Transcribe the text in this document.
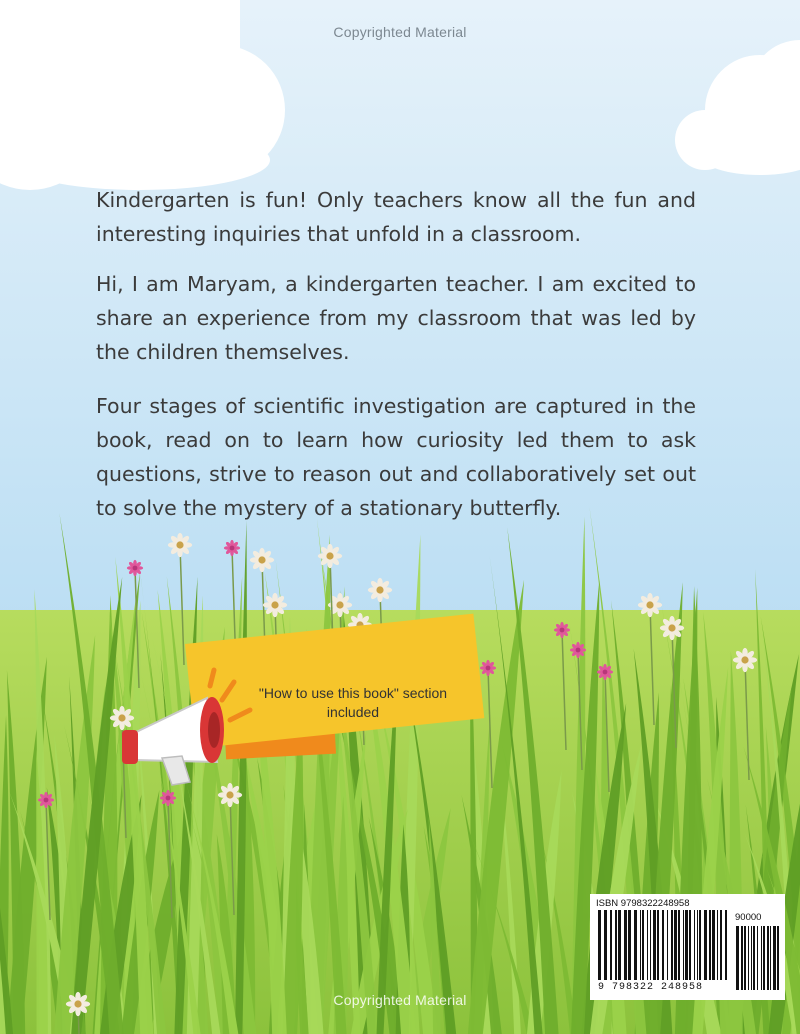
Copyrighted Material

Kindergarten is fun! Only teachers know all the fun and interesting inquiries that unfold in a classroom.

Hi, I am Maryam, a kindergarten teacher. I am excited to share an experience from my classroom that was led by the children themselves.

Four stages of scientific investigation are captured in the book, read on to learn how curiosity led them to ask questions, strive to reason out and collaboratively set out to solve the mystery of a stationary butterfly.

"How to use this book" section included
ISBN 9798322248958
90000
9 798322 248958
Copyrighted Material
